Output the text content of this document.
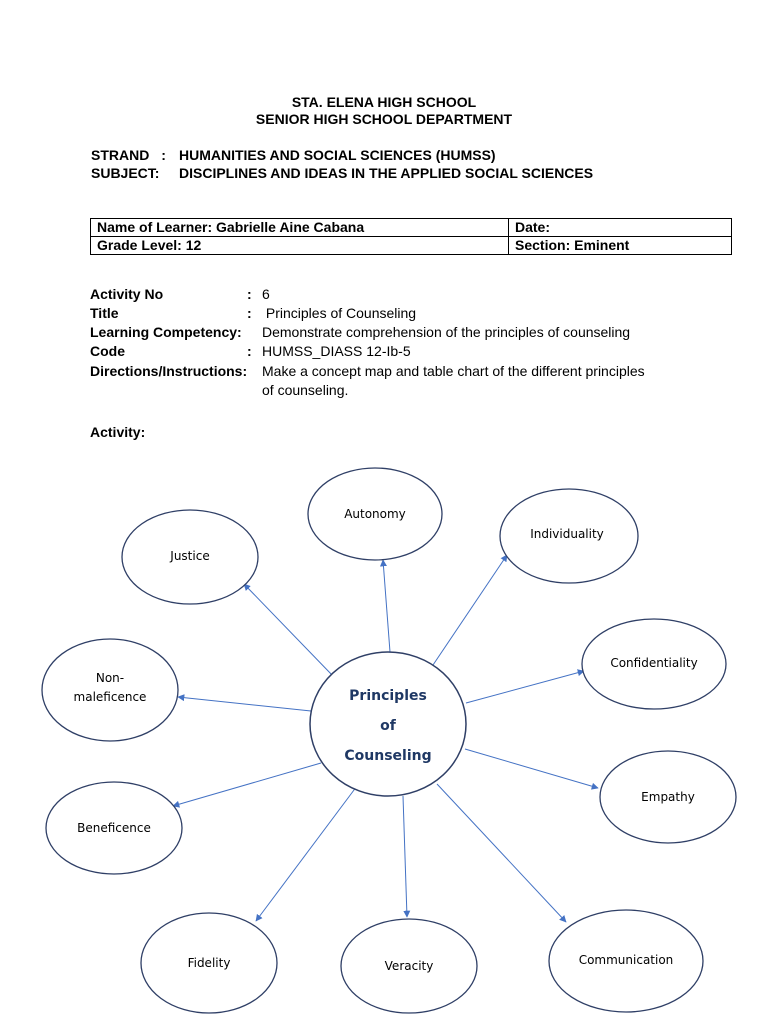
STA. ELENA HIGH SCHOOL
SENIOR HIGH SCHOOL DEPARTMENT
STRAND : HUMANITIES AND SOCIAL SCIENCES (HUMSS)
SUBJECT: DISCIPLINES AND IDEAS IN THE APPLIED SOCIAL SCIENCES
Name of Learner: Gabrielle Aine Cabana	Date:
Grade Level: 12	Section: Eminent
Activity No	: 6
Title	: Principles of Counseling
Learning Competency: Demonstrate comprehension of the principles of counseling
Code	: HUMSS_DIASS 12-Ib-5
Directions/Instructions: Make a concept map and table chart of the different principles
of counseling.
Activity:
Autonomy
Individuality
Justice
Confidentiality
Non-
maleficence
Empathy
Beneficence
Fidelity	Veracity	Communication
Principles
of
Counseling
